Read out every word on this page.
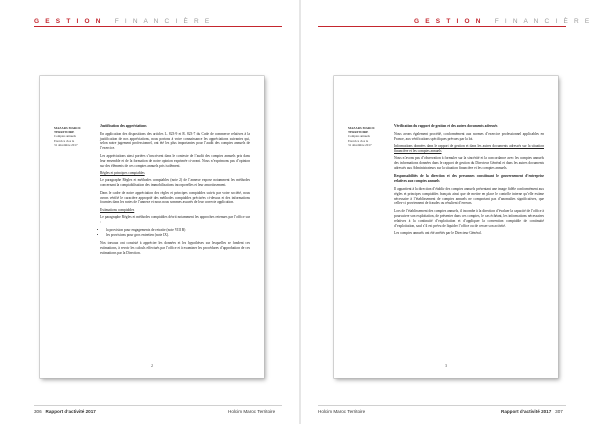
G E S T I O N F I N A N C I È R E	G E S T I O N F I N A N C I È R E
MAZARS MAROC
TERRITOIRE
Comptes annuels
Exercice clos le
31 décembre 2017
Justification des appréciations
En application des dispositions des articles L. 823-9 et R. 823-7 du Code de commerce relatives à la justification de nos appréciations, nous portons à votre connaissance les appréciations suivantes qui, selon notre jugement professionnel, ont été les plus importantes pour l’audit des comptes annuels de l’exercice.
Les appréciations ainsi portées s’inscrivent dans le contexte de l’audit des comptes annuels pris dans leur ensemble et de la formation de notre opinion exprimée ci-avant. Nous n’exprimons pas d’opinion sur des éléments de ces comptes annuels pris isolément.
Règles et principes comptables
Le paragraphe Règles et méthodes comptables (note 2) de l’annexe expose notamment les méthodes concernant la comptabilisation des immobilisations incorporelles et leur amortissement.
Dans le cadre de notre appréciation des règles et principes comptables suivis par votre société, nous avons vérifié le caractère approprié des méthodes comptables précisées ci-dessus et des informations fournies dans les notes de l’annexe et nous nous sommes assurés de leur correcte application.
Estimations comptables
Le paragraphe Règles et méthodes comptables décrit notamment les approches retenues par l’office sur :
• la provision pour engagements de retraite (note VIII B)
• les provisions pour gros entretien (note IX).
Nos travaux ont consisté à apprécier les données et les hypothèses sur lesquelles se fondent ces estimations, à revoir les calculs effectués par l’office et à examiner les procédures d’approbation de ces estimations par la Direction.
2
MAZARS MAROC
TERRITOIRE
Comptes annuels
Exercice clos le
31 décembre 2017
Vérification du rapport de gestion et des autres documents adressés
Nous avons également procédé, conformément aux normes d’exercice professionnel applicables en France, aux vérifications spécifiques prévues par la loi.
Informations données dans le rapport de gestion et dans les autres documents adressés sur la situation financière et les comptes annuels
Nous n’avons pas d’observation à formuler sur la sincérité et la concordance avec les comptes annuels des informations données dans le rapport de gestion du Directeur Général et dans les autres documents adressés aux Administrateurs sur la situation financière et les comptes annuels.
Responsabilités de la direction et des personnes constituant le gouvernement d’entreprise relatives aux comptes annuels
Il appartient à la direction d’établir des comptes annuels présentant une image fidèle conformément aux règles et principes comptables français ainsi que de mettre en place le contrôle interne qu’elle estime nécessaire à l’établissement de comptes annuels ne comportant pas d’anomalies significatives, que celles-ci proviennent de fraudes ou résultent d’erreurs.
Lors de l’établissement des comptes annuels, il incombe à la direction d’évaluer la capacité de l’office à poursuivre son exploitation, de présenter dans ces comptes, le cas échéant, les informations nécessaires relatives à la continuité d’exploitation et d’appliquer la convention comptable de continuité d’exploitation, sauf s’il est prévu de liquider l’office ou de cesser son activité.
Les comptes annuels ont été arrêtés par le Directeur Général.
3
306 Rapport d’activité 2017	Holcim Maroc Territoire	Holcim Maroc Territoire	Rapport d’activité 2017 307
